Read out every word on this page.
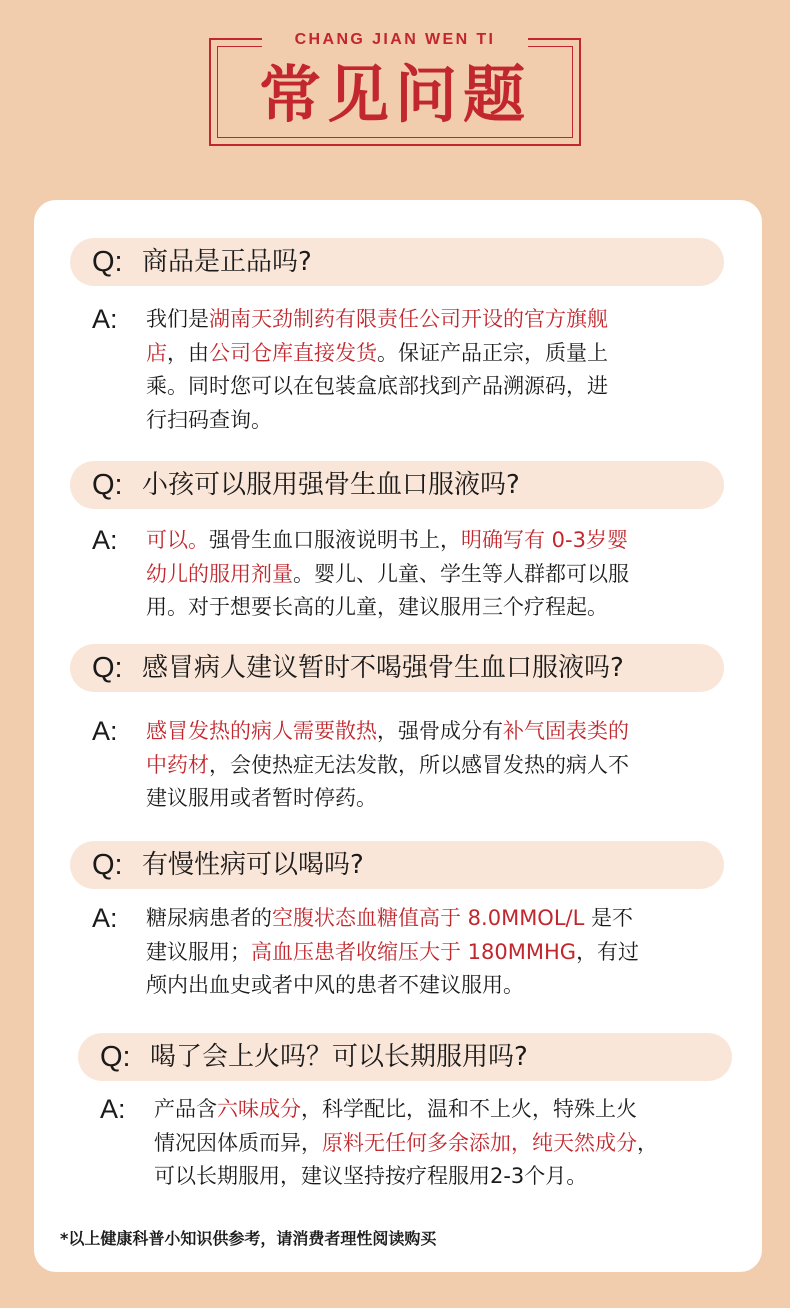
CHANG JIAN WEN TI
常见问题
Q: 商品是正品吗?
A: 我们是湖南天劲制药有限责任公司开设的官方旗舰
店，由公司仓库直接发货。保证产品正宗，质量上
乘。同时您可以在包装盒底部找到产品溯源码，进
行扫码查询。
Q: 小孩可以服用强骨生血口服液吗?
A: 可以。强骨生血口服液说明书上，明确写有 0-3岁婴
幼儿的服用剂量。婴儿、儿童、学生等人群都可以服
用。对于想要长高的儿童，建议服用三个疗程起。
Q: 感冒病人建议暂时不喝强骨生血口服液吗?
A: 感冒发热的病人需要散热，强骨成分有补气固表类的
中药材，会使热症无法发散，所以感冒发热的病人不
建议服用或者暂时停药。
Q: 有慢性病可以喝吗?
A: 糖尿病患者的空腹状态血糖值高于 8.0MMOL/L 是不
建议服用；高血压患者收缩压大于 180MMHG，有过
颅内出血史或者中风的患者不建议服用。
Q: 喝了会上火吗？可以长期服用吗?
A: 产品含六味成分，科学配比，温和不上火，特殊上火
情况因体质而异，原料无任何多余添加，纯天然成分，
可以长期服用，建议坚持按疗程服用2-3个月。
*以上健康科普小知识供参考，请消费者理性阅读购买
